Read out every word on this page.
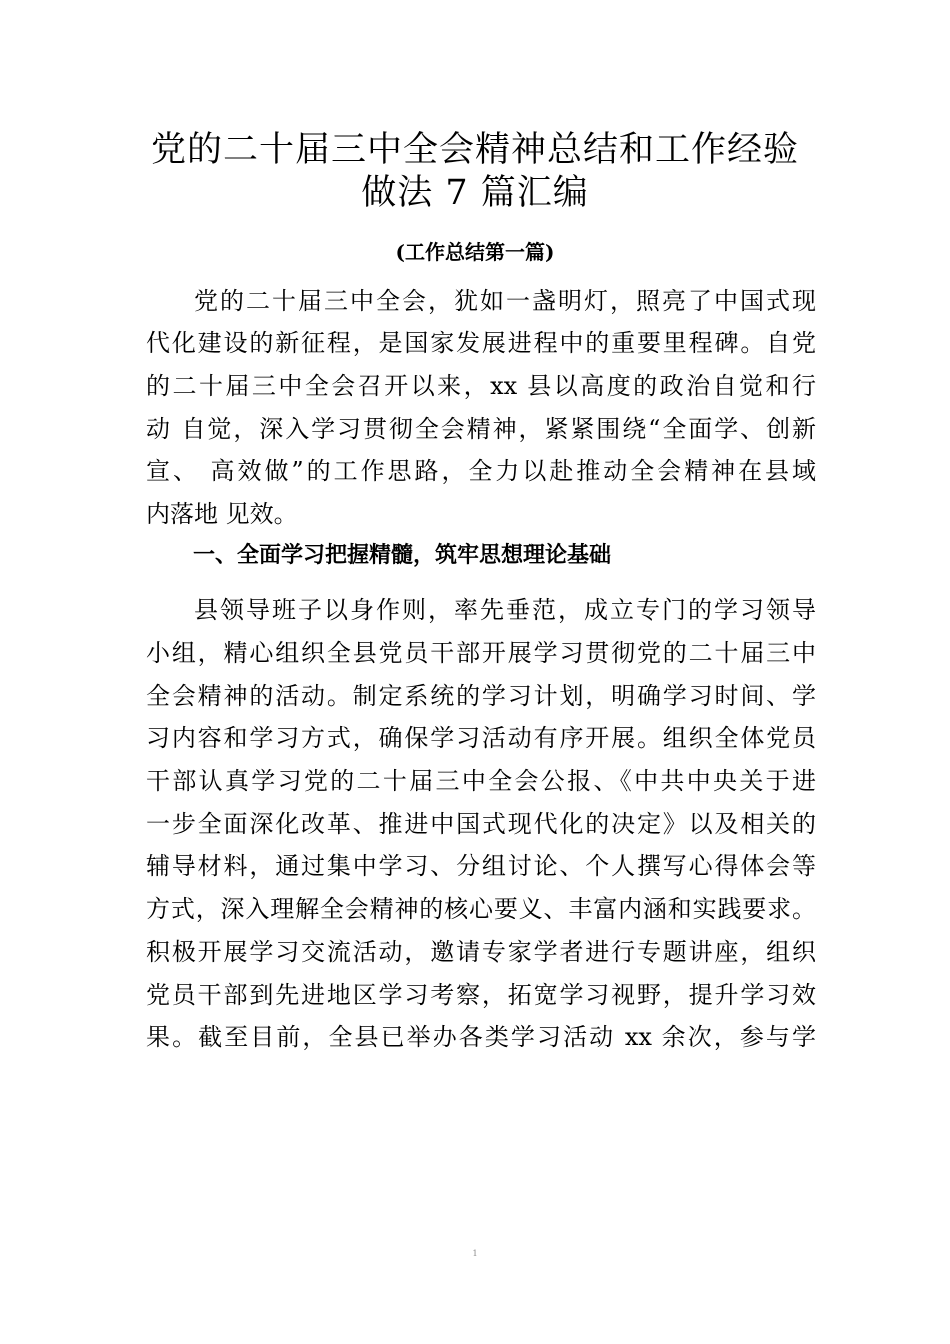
党的二十届三中全会精神总结和工作经验
做法 7 篇汇编
(工作总结第一篇)
党的二十届三中全会，犹如一盏明灯，照亮了中国式现
代化建设的新征程，是国家发展进程中的重要里程碑。自党
的二十届三中全会召开以来，xx 县以高度的政治自觉和行
动 自觉，深入学习贯彻全会精神，紧紧围绕“全面学、创新
宣、 高效做”的工作思路，全力以赴推动全会精神在县域
内落地 见效。
一、全面学习把握精髓，筑牢思想理论基础
县领导班子以身作则，率先垂范，成立专门的学习领导
小组，精心组织全县党员干部开展学习贯彻党的二十届三中
全会精神的活动。制定系统的学习计划，明确学习时间、学
习内容和学习方式，确保学习活动有序开展。组织全体党员
干部认真学习党的二十届三中全会公报、《中共中央关于进
一步全面深化改革、推进中国式现代化的决定》以及相关的
辅导材料，通过集中学习、分组讨论、个人撰写心得体会等
方式，深入理解全会精神的核心要义、丰富内涵和实践要求。
积极开展学习交流活动，邀请专家学者进行专题讲座，组织
党员干部到先进地区学习考察，拓宽学习视野，提升学习效
果。截至目前，全县已举办各类学习活动 xx 余次，参与学
1
